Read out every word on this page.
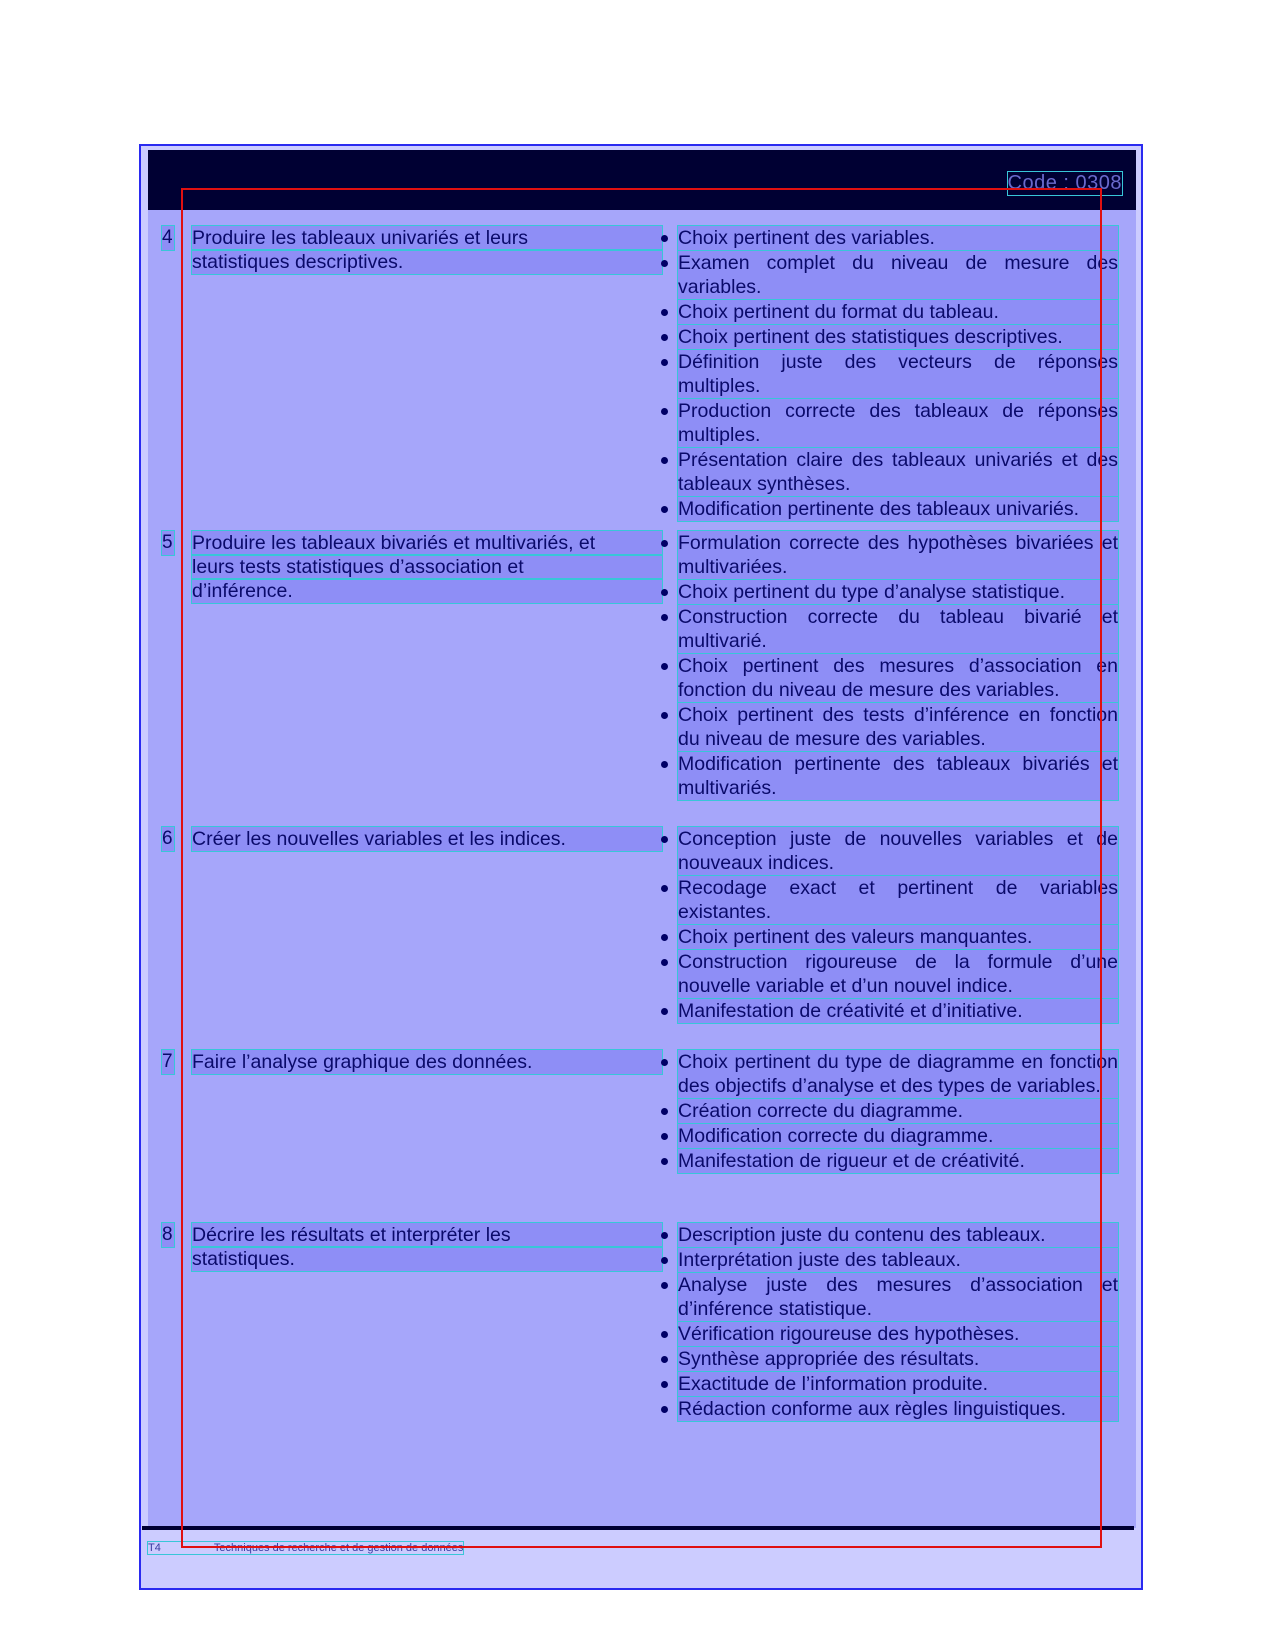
Code : 0308
4 Produire les tableaux univariés et leurs
statistiques descriptives.

Choix pertinent des variables.
Examen complet du niveau de mesure des variables.
Choix pertinent du format du tableau.
Choix pertinent des statistiques descriptives.
Définition juste des vecteurs de réponses multiples.
Production correcte des tableaux de réponses multiples.
Présentation claire des tableaux univariés et des tableaux synthèses.
Modification pertinente des tableaux univariés.
5 Produire les tableaux bivariés et multivariés, et
leurs tests statistiques d’association et
d’inférence.

Formulation correcte des hypothèses bivariées et multivariées.
Choix pertinent du type d’analyse statistique.
Construction correcte du tableau bivarié et multivarié.
Choix pertinent des mesures d’association en fonction du niveau de mesure des variables.
Choix pertinent des tests d’inférence en fonction du niveau de mesure des variables.
Modification pertinente des tableaux bivariés et multivariés.
6 Créer les nouvelles variables et les indices.	Conception juste de nouvelles variables et de nouveaux indices.
Recodage exact et pertinent de variables existantes.
Choix pertinent des valeurs manquantes.
Construction rigoureuse de la formule d’une nouvelle variable et d’un nouvel indice.
Manifestation de créativité et d’initiative.
7 Faire l’analyse graphique des données.	Choix pertinent du type de diagramme en fonction des objectifs d’analyse et des types de variables.
Création correcte du diagramme.
Modification correcte du diagramme.
Manifestation de rigueur et de créativité.
8 Décrire les résultats et interpréter les
statistiques.

Description juste du contenu des tableaux.
Interprétation juste des tableaux.
Analyse juste des mesures d’association et d’inférence statistique.
Vérification rigoureuse des hypothèses.
Synthèse appropriée des résultats.
Exactitude de l’information produite.
Rédaction conforme aux règles linguistiques.
T4	Techniques de recherche et de gestion de données
